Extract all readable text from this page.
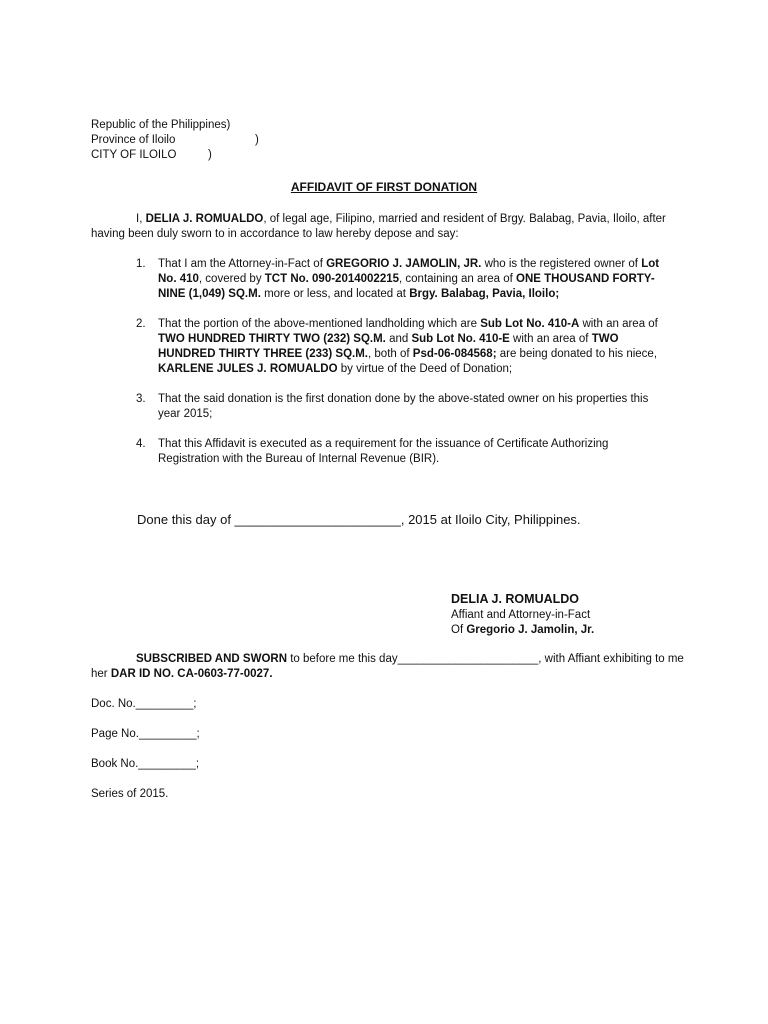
Republic of the Philippines)
Province of Iloilo
CITY OF ILOILO
)
)
AFFIDAVIT OF FIRST DONATION
I, DELIA J. ROMUALDO, of legal age, Filipino, married and resident of Brgy. Balabag, Pavia, Iloilo, after having been duly sworn to in accordance to law hereby depose and say:
1.	That I am the Attorney-in-Fact of GREGORIO J. JAMOLIN, JR. who is the registered owner of Lot No. 410, covered by TCT No. 090-2014002215, containing an area of ONE THOUSAND FORTY-NINE (1,049) SQ.M. more or less, and located at Brgy. Balabag, Pavia, Iloilo;
2.	That the portion of the above-mentioned landholding which are Sub Lot No. 410-A with an area of TWO HUNDRED THIRTY TWO (232) SQ.M. and Sub Lot No. 410-E with an area of TWO HUNDRED THIRTY THREE (233) SQ.M., both of Psd-06-084568; are being donated to his niece, KARLENE JULES J. ROMUALDO by virtue of the Deed of Donation;
3.	That the said donation is the first donation done by the above-stated owner on his properties this year 2015;
4.	That this Affidavit is executed as a requirement for the issuance of Certificate Authorizing Registration with the Bureau of Internal Revenue (BIR).
Done this day of _______________________, 2015 at Iloilo City, Philippines.
DELIA J. ROMUALDO
Affiant and Attorney-in-Fact
Of Gregorio J. Jamolin, Jr.
SUBSCRIBED AND SWORN to before me this day______________________, with Affiant exhibiting to me her DAR ID NO. CA-0603-77-0027.
Doc. No._________;
Page No._________;
Book No._________;
Series of 2015.
